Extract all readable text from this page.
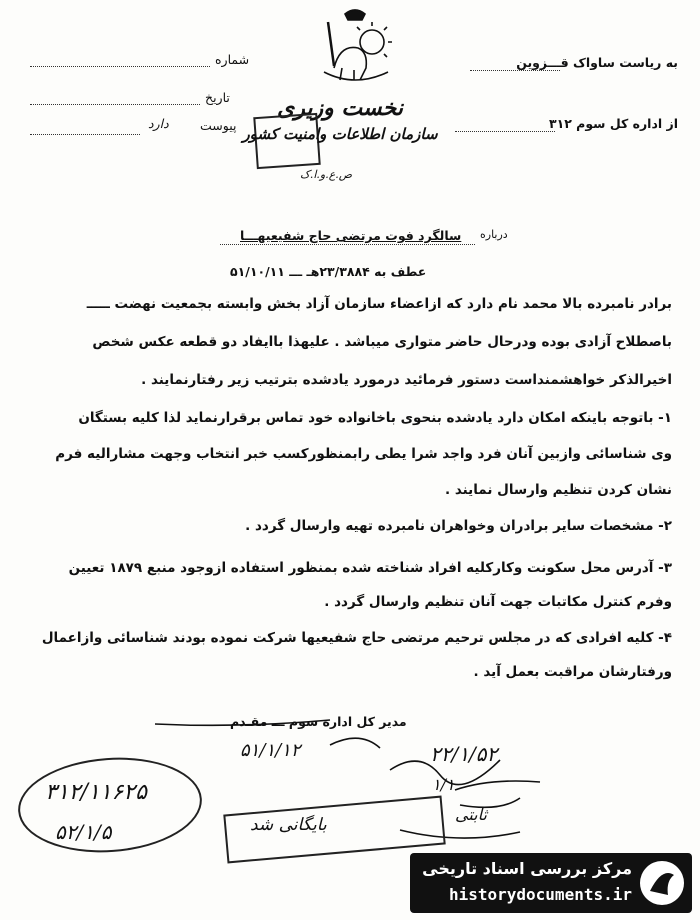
شماره
تاریخ
پیوست
دارد
نخست وزیری
سازمان اطلاعات وامنیت کشور
ص.ع.و.ا.ک
به ریاست ساواک قـــزوین
از اداره کل سوم ۳۱۲
درباره
سالگرد فوت مرتضی حاج شفیعیهـــا
عطف به ۲۳/۳۸۸۴هـ ـــ ۵۱/۱۰/۱۱
برادر نامبرده بالا محمد نام دارد که ازاعضاء سازمان آزاد بخش وابسته بجمعیت نهضت ـــــ
باصطلاح آزادی بوده ودرحال حاضر متواری میباشد . علیهذا باایفاد دو قطعه عکس شخص
اخیرالذکر خواهشمنداست دستور فرمائید درمورد یادشده بترتیب زیر رفتارنمایند .
۱- باتوجه باینکه امکان دارد یادشده بنحوی باخانواده خود تماس برقرارنماید لذا کلیه بستگان
وی شناسائی وازبین آنان فرد واجد شرا یطی رابمنظورکسب خبر انتخاب وجهت مشارالیه فرم
نشان کردن تنظیم وارسال نمایند .
۲- مشخصات سایر برادران وخواهران نامبرده تهیه وارسال گردد .
۳- آدرس محل سکونت وکارکلیه افراد شناخته شده بمنظور استفاده ازوجود منبع ۱۸۷۹ تعیین
وفرم کنترل مکاتبات جهت آنان تنظیم وارسال گردد .
۴- کلیه افرادی که در مجلس ترحیم مرتضی حاج شفیعیها شرکت نموده بودند شناسائی وازاعمال
ورفتارشان مراقبت بعمل آید .
مدیر کل اداره سوم ـــ مقـدم
۵۱/۱/۱۲	۲۲/۱/۵۲
۳۱۲/۱۱۶۲۵
۵۲/۱/۵	بایگانی شد
ثابتی
۱/۱
مرکز بررسی اسناد تاریخی
historydocuments.ir
